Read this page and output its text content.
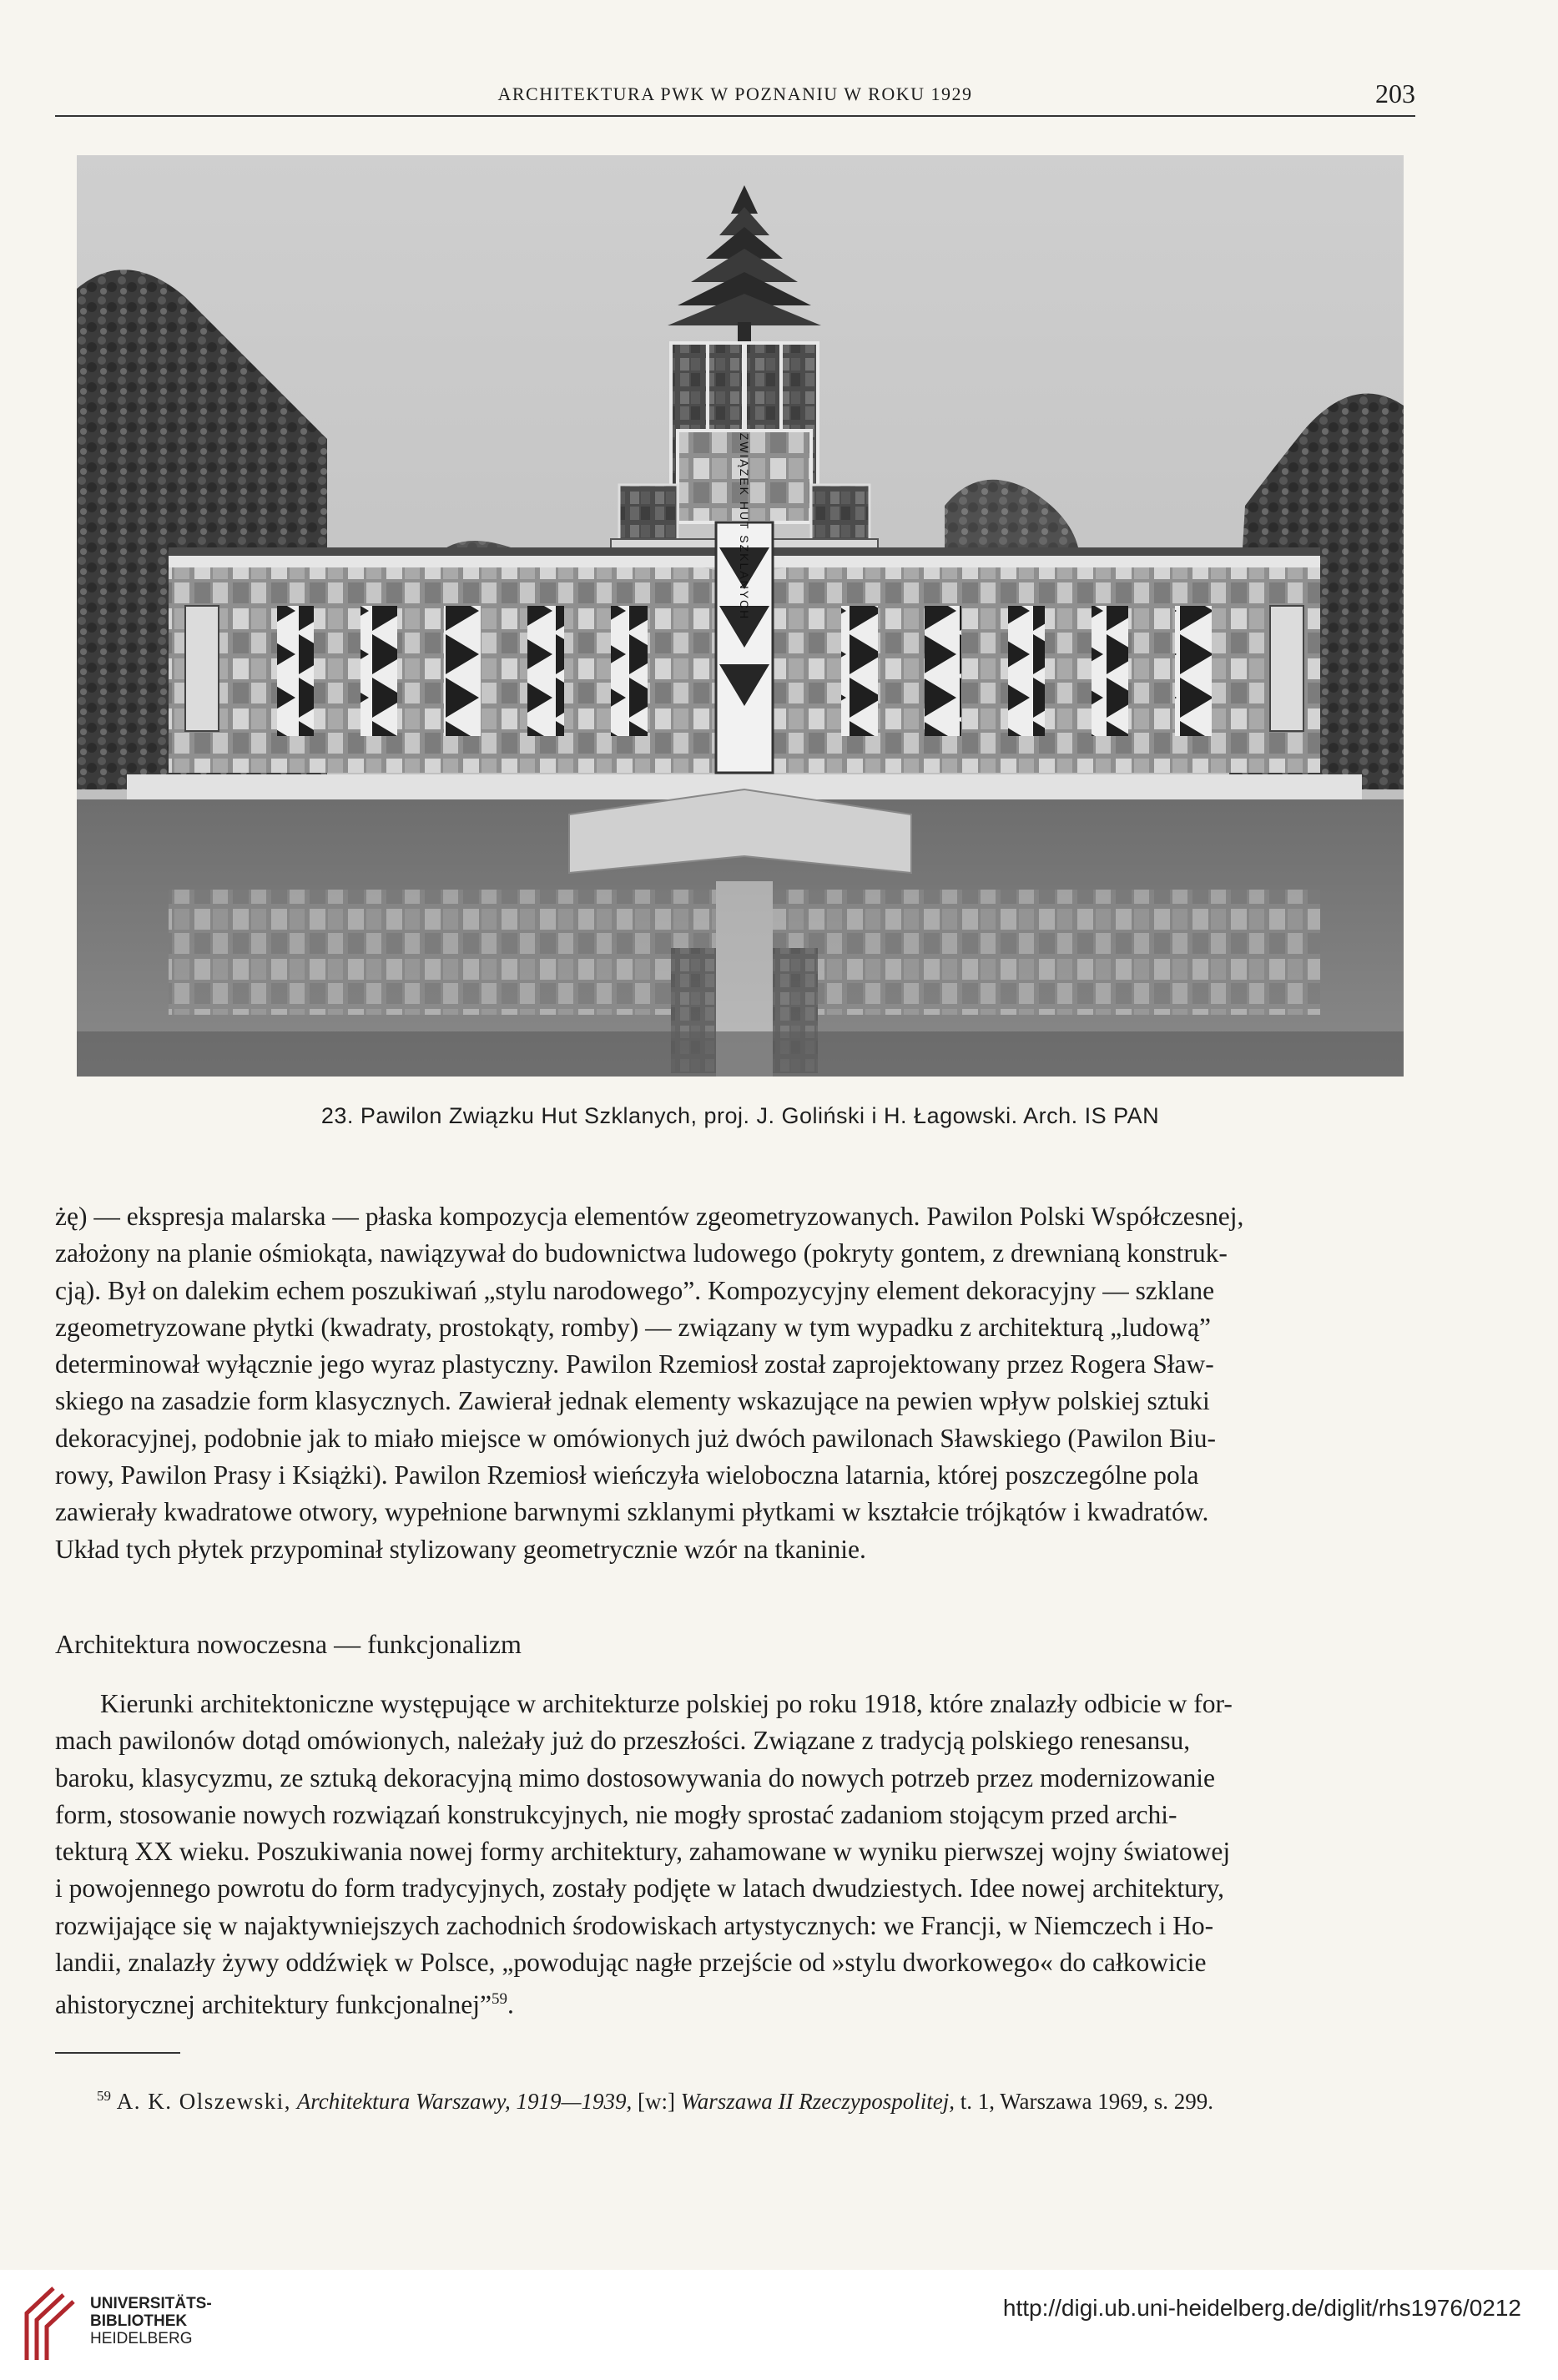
ARCHITEKTURA PWK W POZNANIU W ROKU 1929	203
ZWIĄZEK HUT SZKLANYCH
23. Pawilon Związku Hut Szklanych, proj. J. Goliński i H. Łagowski. Arch. IS PAN

żę) — ekspresja malarska — płaska kompozycja elementów zgeometryzowanych. Pawilon Polski Współczesnej,

założony na planie ośmiokąta, nawiązywał do budownictwa ludowego (pokryty gontem, z drewnianą konstruk-

cją). Był on dalekim echem poszukiwań „stylu narodowego”. Kompozycyjny element dekoracyjny — szklane

zgeometryzowane płytki (kwadraty, prostokąty, romby) — związany w tym wypadku z architekturą „ludową”

determinował wyłącznie jego wyraz plastyczny. Pawilon Rzemiosł został zaprojektowany przez Rogera Sław-

skiego na zasadzie form klasycznych. Zawierał jednak elementy wskazujące na pewien wpływ polskiej sztuki

dekoracyjnej, podobnie jak to miało miejsce w omówionych już dwóch pawilonach Sławskiego (Pawilon Biu-

rowy, Pawilon Prasy i Książki). Pawilon Rzemiosł wieńczyła wieloboczna latarnia, której poszczególne pola

zawierały kwadratowe otwory, wypełnione barwnymi szklanymi płytkami w kształcie trójkątów i kwadratów.

Układ tych płytek przypominał stylizowany geometrycznie wzór na tkaninie.

Architektura nowoczesna — funkcjonalizm

Kierunki architektoniczne występujące w architekturze polskiej po roku 1918, które znalazły odbicie w for-

mach pawilonów dotąd omówionych, należały już do przeszłości. Związane z tradycją polskiego renesansu,

baroku, klasycyzmu, ze sztuką dekoracyjną mimo dostosowywania do nowych potrzeb przez modernizowanie

form, stosowanie nowych rozwiązań konstrukcyjnych, nie mogły sprostać zadaniom stojącym przed archi-

tekturą XX wieku. Poszukiwania nowej formy architektury, zahamowane w wyniku pierwszej wojny światowej

i powojennego powrotu do form tradycyjnych, zostały podjęte w latach dwudziestych. Idee nowej architektury,

rozwijające się w najaktywniejszych zachodnich środowiskach artystycznych: we Francji, w Niemczech i Ho-

landii, znalazły żywy oddźwięk w Polsce, „powodując nagłe przejście od »stylu dworkowego« do całkowicie

ahistorycznej architektury funkcjonalnej”$^{59}$.

$^{59}$ A. K. Olszewski, Architektura Warszawy, 1919—1939, [w:] Warszawa II Rzeczypospolitej, t. 1, Warszawa 1969, s. 299.
UNIVERSITÄTS-
BIBLIOTHEK
HEIDELBERG
http://digi.ub.uni-heidelberg.de/diglit/rhs1976/0212
